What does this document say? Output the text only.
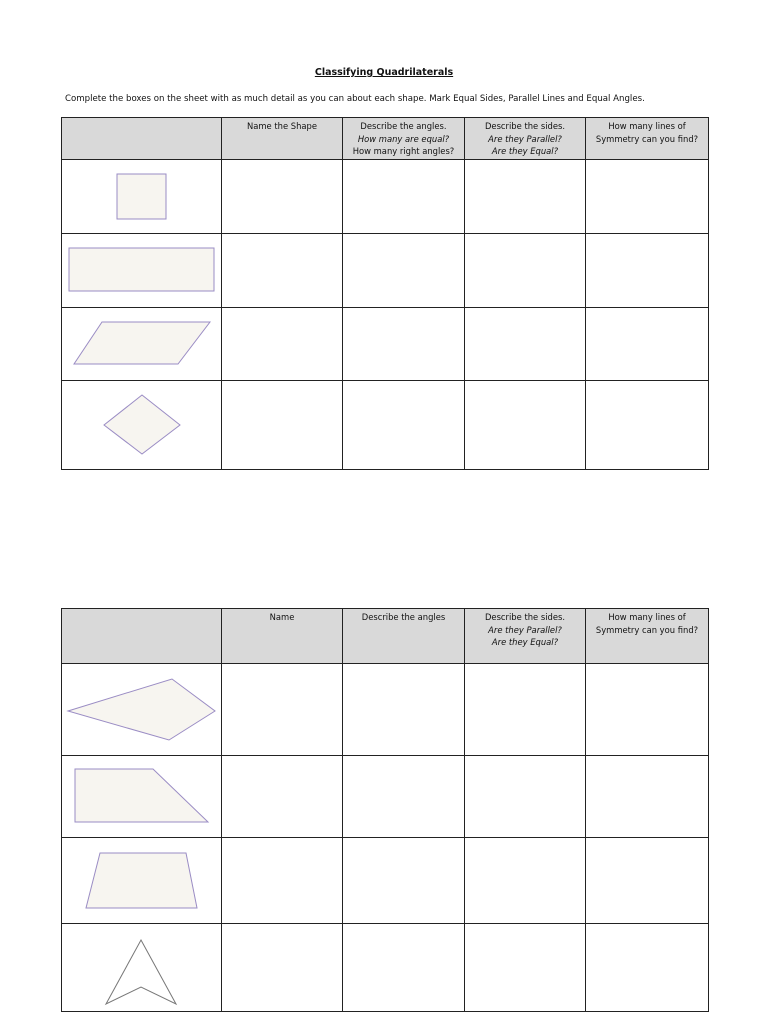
Classifying Quadrilaterals
Complete the boxes on the sheet with as much detail as you can about each shape. Mark Equal Sides, Parallel Lines and Equal Angles.

	Name the Shape	Describe the angles.
How many are equal?
How many right angles?	Describe the sides.
Are they Parallel?
Are they Equal?	How many lines of
Symmetry can you find?

	Name	Describe the angles	Describe the sides.
Are they Parallel?
Are they Equal?	How many lines of
Symmetry can you find?
